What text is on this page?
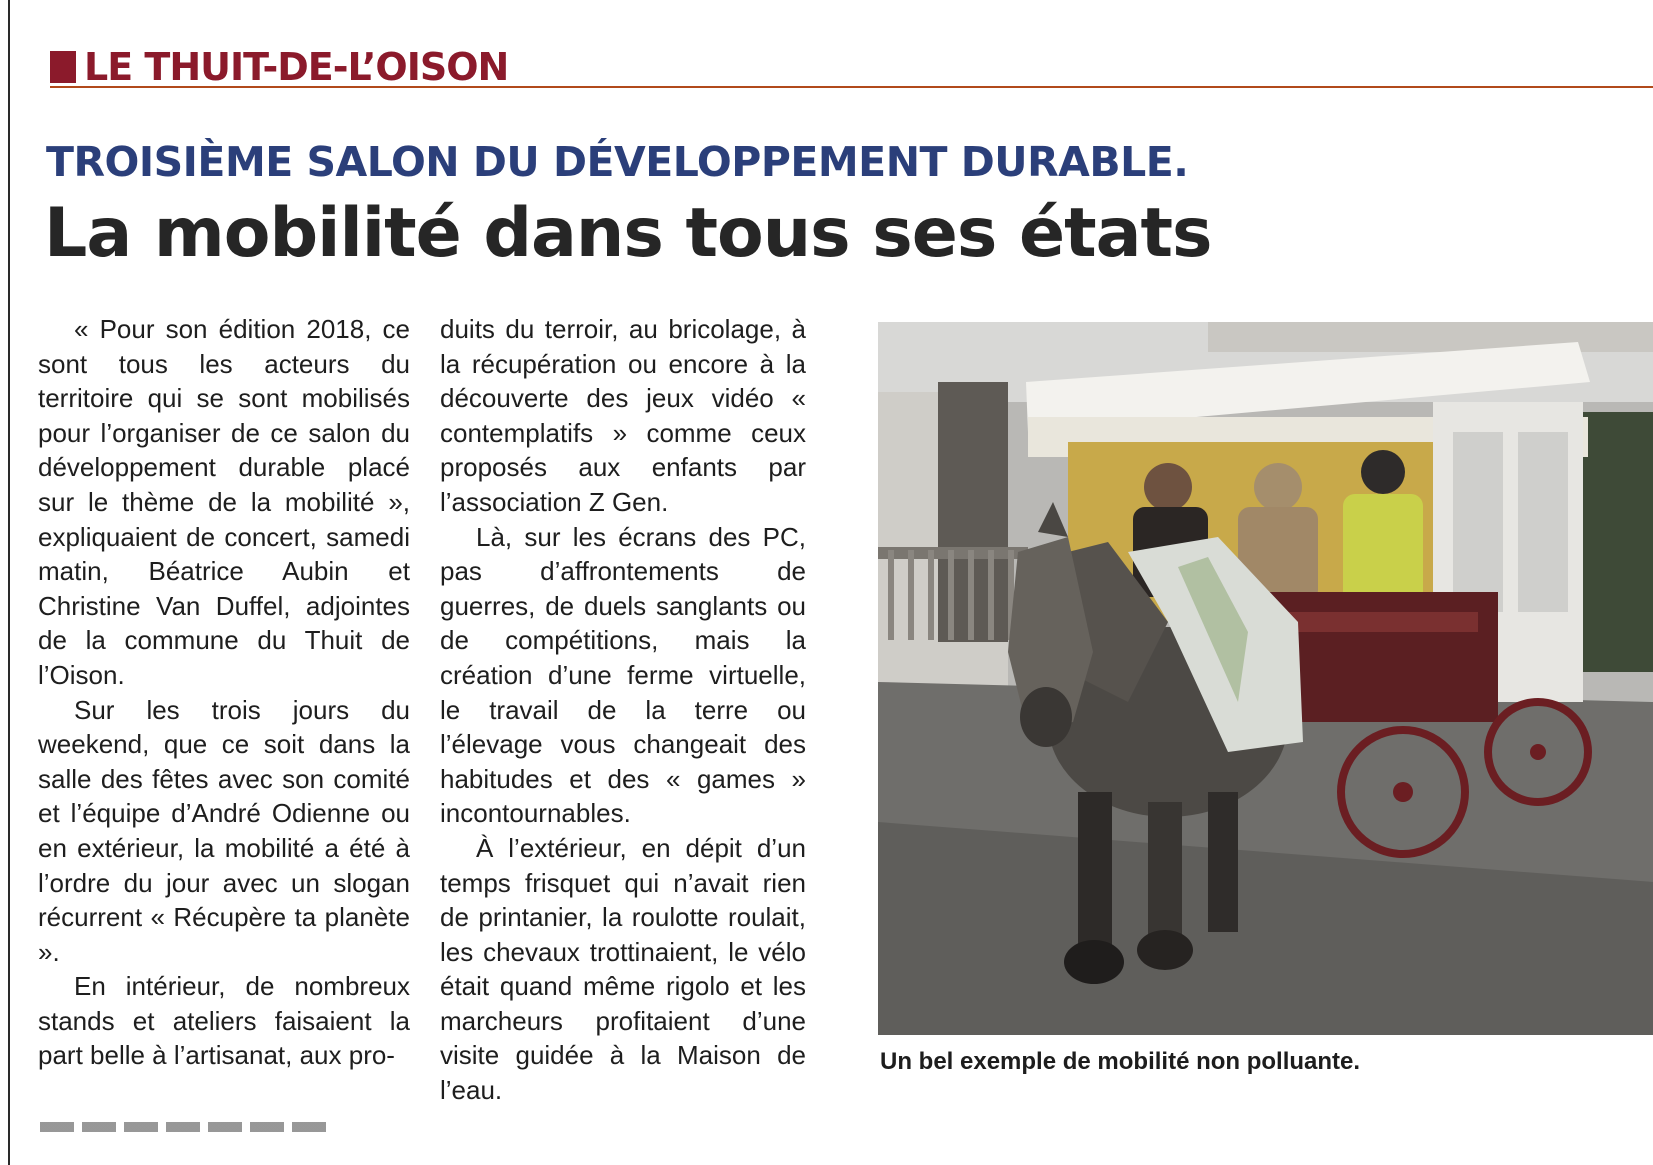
LE THUIT-DE-L’OISON
TROISIÈME SALON DU DÉVELOPPEMENT DURABLE.
La mobilité dans tous ses états

« Pour son édition 2018, ce sont tous les acteurs du territoire qui se sont mobilisés pour l’organiser de ce salon du développement durable placé sur le thème de la mobilité », expliquaient de concert, samedi matin, Béatrice Aubin et Christine Van Duffel, adjointes de la commune du Thuit de l’Oison.

Sur les trois jours du weekend, que ce soit dans la salle des fêtes avec son comité et l’équipe d’André Odienne ou en extérieur, la mobilité a été à l’ordre du jour avec un slogan récurrent « Récupère ta planète ».

En intérieur, de nombreux stands et ateliers faisaient la part belle à l’artisanat, aux pro-

duits du terroir, au bricolage, à la récupération ou encore à la découverte des jeux vidéo « contemplatifs » comme ceux proposés aux enfants par l’association Z Gen.

Là, sur les écrans des PC, pas d’affrontements de guerres, de duels sanglants ou de compétitions, mais la création d’une ferme virtuelle, le travail de la terre ou l’élevage vous changeait des habitudes et des « games » incontournables.

À l’extérieur, en dépit d’un temps frisquet qui n’avait rien de printanier, la roulotte roulait, les chevaux trottinaient, le vélo était quand même rigolo et les marcheurs profitaient d’une visite guidée à la Maison de l’eau.

Un bel exemple de mobilité non polluante.
